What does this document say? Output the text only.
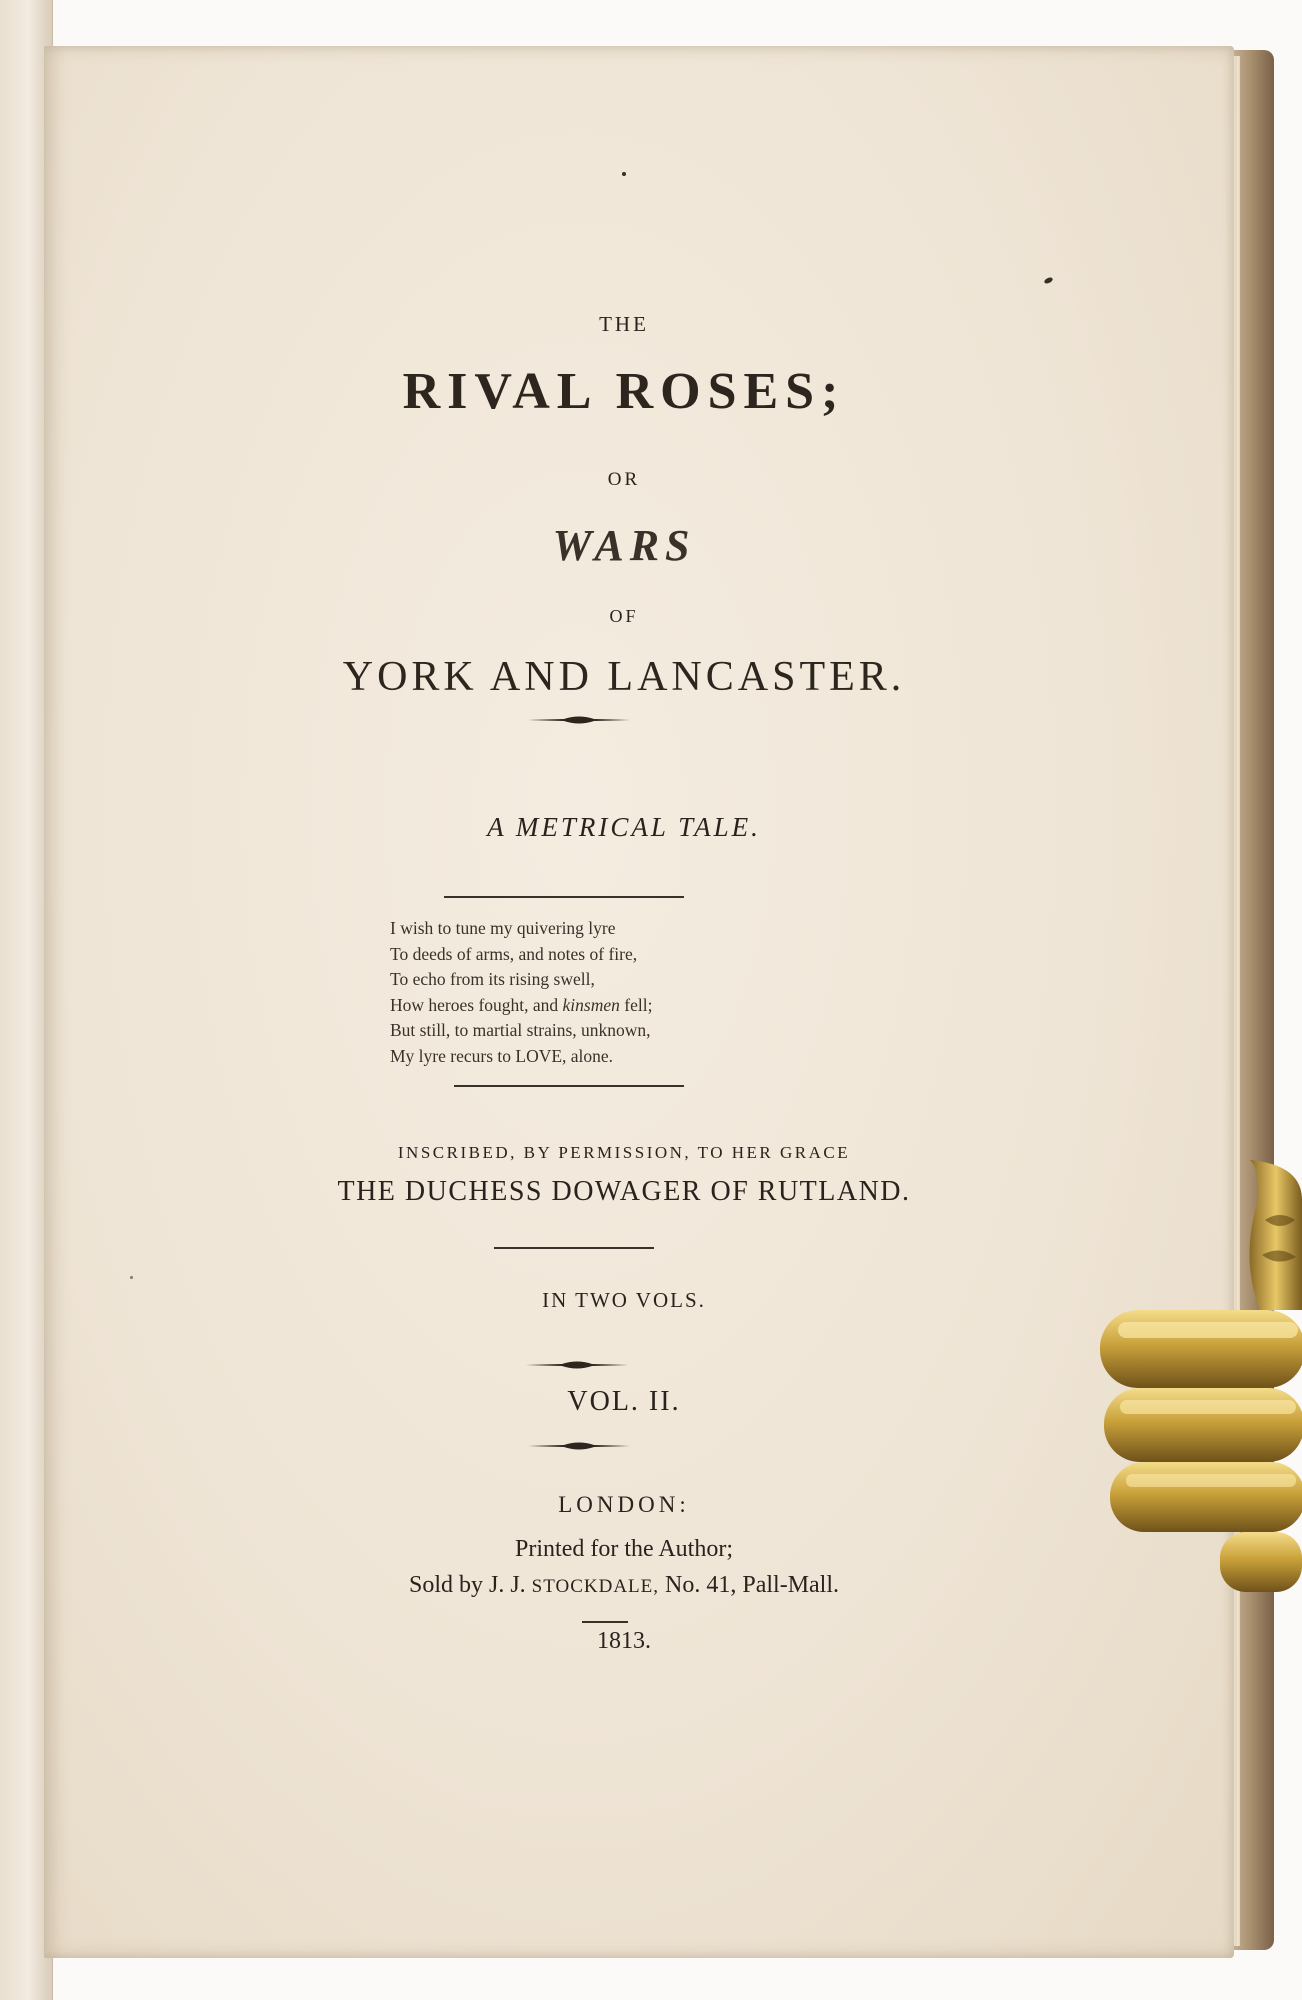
THE

RIVAL ROSES;

OR

WARS

OF

YORK AND LANCASTER.

A METRICAL TALE.

I wish to tune my quivering lyre
To deeds of arms, and notes of fire,
To echo from its rising swell,
How heroes fought, and kinsmen fell;
But still, to martial strains, unknown,
My lyre recurs to LOVE, alone.

INSCRIBED, BY PERMISSION, TO HER GRACE

THE DUCHESS DOWAGER OF RUTLAND.

IN TWO VOLS.

VOL. II.

LONDON:

Printed for the Author;

Sold by J. J. STOCKDALE, No. 41, Pall-Mall.

1813.
